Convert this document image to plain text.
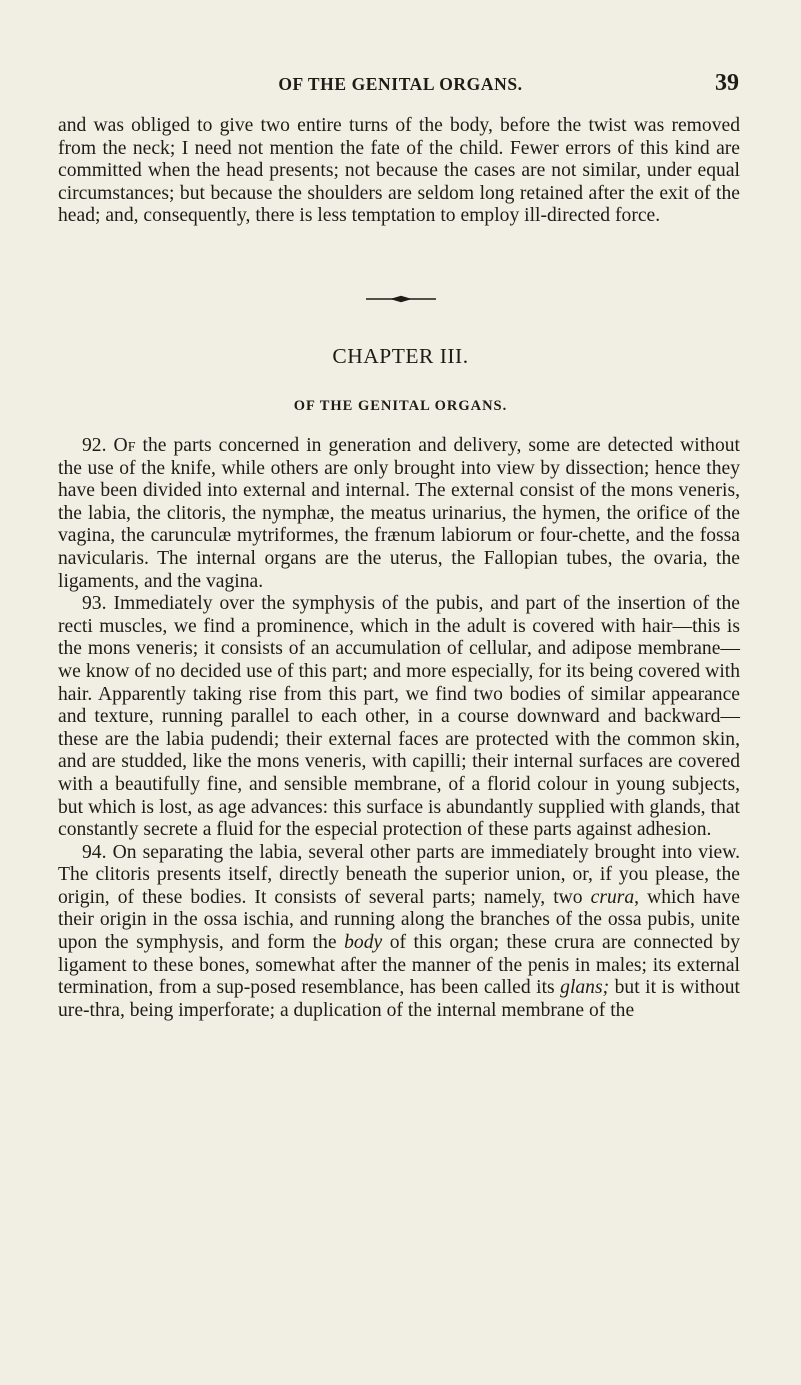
OF THE GENITAL ORGANS.	39

and was obliged to give two entire turns of the body, before the twist was removed from the neck; I need not mention the fate of the child. Fewer errors of this kind are committed when the head presents; not because the cases are not similar, under equal circumstances; but because the shoulders are seldom long retained after the exit of the head; and, consequently, there is less temptation to employ ill-directed force.

CHAPTER III.
OF THE GENITAL ORGANS.

92. Of the parts concerned in generation and delivery, some are detected without the use of the knife, while others are only brought into view by dissection; hence they have been divided into external and internal. The external consist of the mons veneris, the labia, the clitoris, the nymphæ, the meatus urinarius, the hymen, the orifice of the vagina, the carunculæ mytriformes, the frænum labiorum or four-chette, and the fossa navicularis. The internal organs are the uterus, the Fallopian tubes, the ovaria, the ligaments, and the vagina.

93. Immediately over the symphysis of the pubis, and part of the insertion of the recti muscles, we find a prominence, which in the adult is covered with hair—this is the mons veneris; it consists of an accumulation of cellular, and adipose membrane—we know of no decided use of this part; and more especially, for its being covered with hair. Apparently taking rise from this part, we find two bodies of similar appearance and texture, running parallel to each other, in a course downward and backward—these are the labia pudendi; their external faces are protected with the common skin, and are studded, like the mons veneris, with capilli; their internal surfaces are covered with a beautifully fine, and sensible membrane, of a florid colour in young subjects, but which is lost, as age advances: this surface is abundantly supplied with glands, that constantly secrete a fluid for the especial protection of these parts against adhesion.

94. On separating the labia, several other parts are immediately brought into view. The clitoris presents itself, directly beneath the superior union, or, if you please, the origin, of these bodies. It consists of several parts; namely, two crura, which have their origin in the ossa ischia, and running along the branches of the ossa pubis, unite upon the symphysis, and form the body of this organ; these crura are connected by ligament to these bones, somewhat after the manner of the penis in males; its external termination, from a sup-posed resemblance, has been called its glans; but it is without ure-thra, being imperforate; a duplication of the internal membrane of the
